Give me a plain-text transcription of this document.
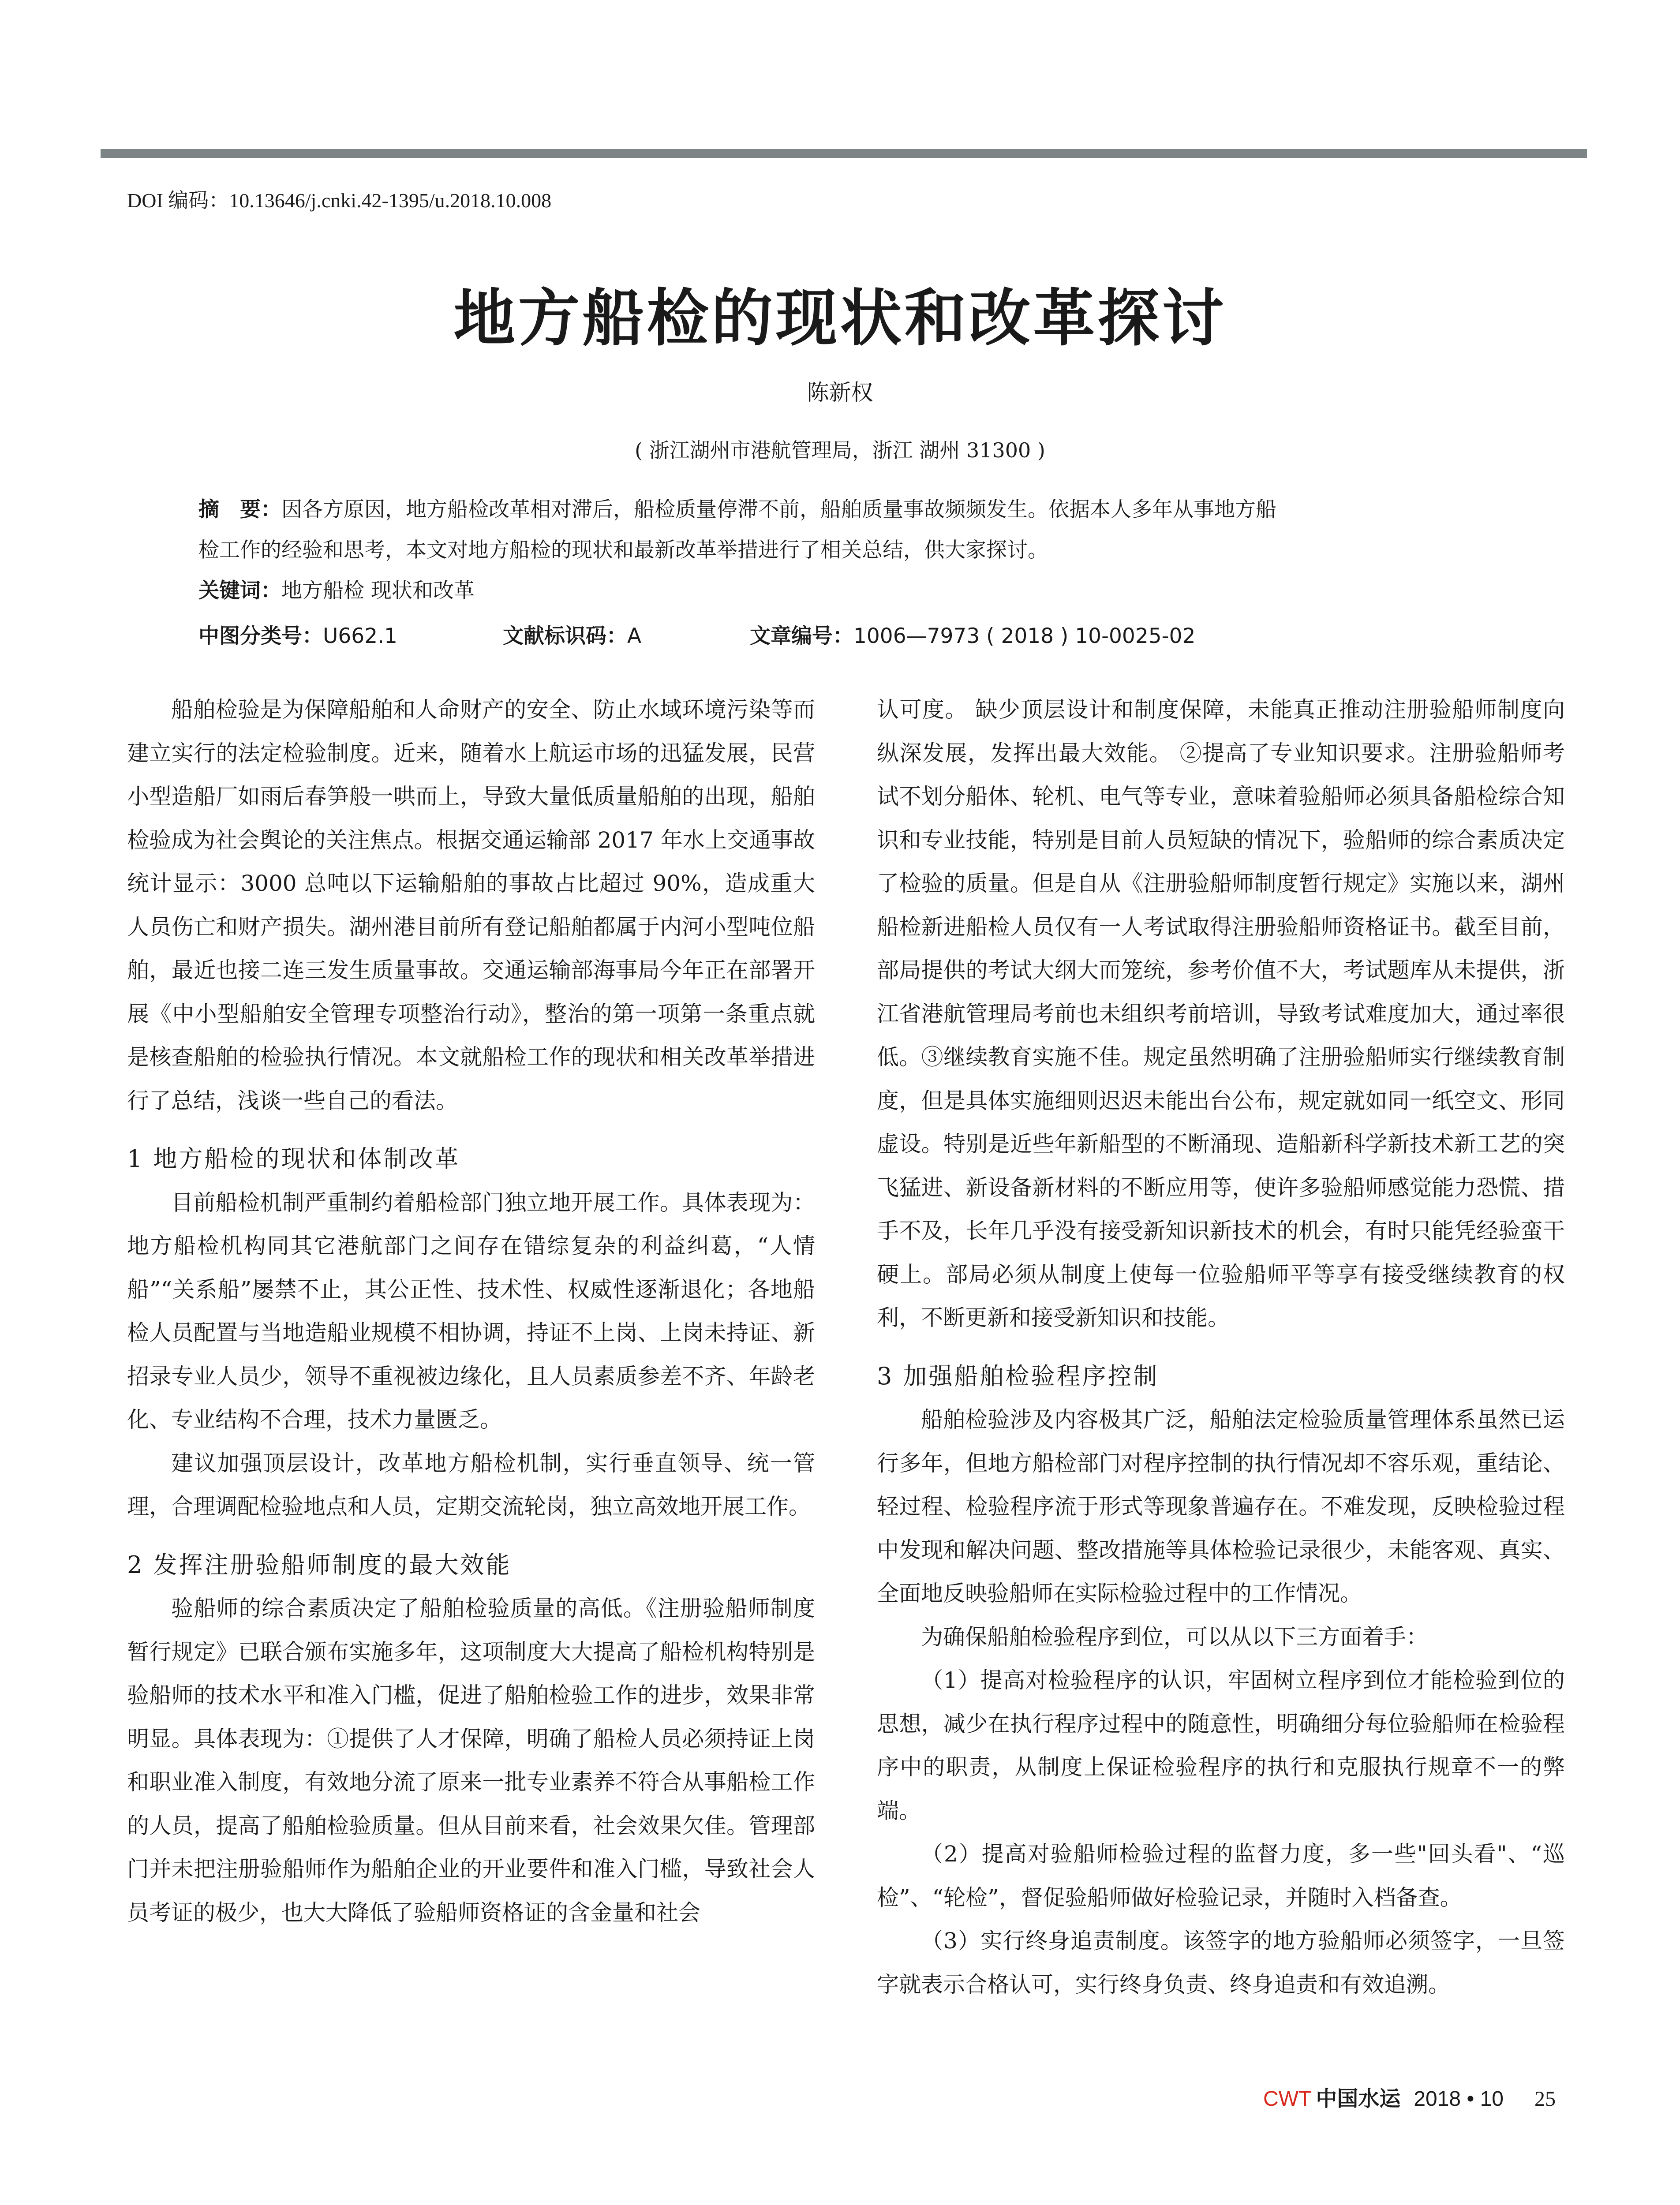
DOI 编码：10.13646/j.cnki.42-1395/u.2018.10.008
地方船检的现状和改革探讨
陈新权
( 浙江湖州市港航管理局，浙江 湖州 31300 )

摘　要：因各方原因，地方船检改革相对滞后，船检质量停滞不前，船舶质量事故频频发生。依据本人多年从事地方船

检工作的经验和思考，本文对地方船检的现状和最新改革举措进行了相关总结，供大家探讨。

关键词：地方船检 现状和改革

中图分类号：U662.1	文献标识码：A	文章编号：1006—7973 ( 2018 ) 10-0025-02

船舶检验是为保障船舶和人命财产的安全、防止水域环境污染等而建立实行的法定检验制度。近来，随着水上航运市场的迅猛发展，民营小型造船厂如雨后春笋般一哄而上，导致大量低质量船舶的出现，船舶检验成为社会舆论的关注焦点。根据交通运输部 2017 年水上交通事故统计显示：3000 总吨以下运输船舶的事故占比超过 90%，造成重大人员伤亡和财产损失。湖州港目前所有登记船舶都属于内河小型吨位船舶，最近也接二连三发生质量事故。交通运输部海事局今年正在部署开展《中小型船舶安全管理专项整治行动》，整治的第一项第一条重点就是核查船舶的检验执行情况。本文就船检工作的现状和相关改革举措进行了总结，浅谈一些自己的看法。

1 地方船检的现状和体制改革

目前船检机制严重制约着船检部门独立地开展工作。具体表现为：地方船检机构同其它港航部门之间存在错综复杂的利益纠葛，“人情船”“关系船”屡禁不止，其公正性、技术性、权威性逐渐退化；各地船检人员配置与当地造船业规模不相协调，持证不上岗、上岗未持证、新招录专业人员少，领导不重视被边缘化，且人员素质参差不齐、年龄老化、专业结构不合理，技术力量匮乏。

建议加强顶层设计，改革地方船检机制，实行垂直领导、统一管理，合理调配检验地点和人员，定期交流轮岗，独立高效地开展工作。

2 发挥注册验船师制度的最大效能

验船师的综合素质决定了船舶检验质量的高低。《注册验船师制度暂行规定》已联合颁布实施多年，这项制度大大提高了船检机构特别是验船师的技术水平和准入门槛，促进了船舶检验工作的进步，效果非常明显。具体表现为：①提供了人才保障，明确了船检人员必须持证上岗和职业准入制度，有效地分流了原来一批专业素养不符合从事船检工作的人员，提高了船舶检验质量。但从目前来看，社会效果欠佳。管理部门并未把注册验船师作为船舶企业的开业要件和准入门槛，导致社会人员考证的极少，也大大降低了验船师资格证的含金量和社会

认可度。 缺少顶层设计和制度保障，未能真正推动注册验船师制度向纵深发展，发挥出最大效能。 ②提高了专业知识要求。注册验船师考试不划分船体、轮机、电气等专业，意味着验船师必须具备船检综合知识和专业技能，特别是目前人员短缺的情况下，验船师的综合素质决定了检验的质量。但是自从《注册验船师制度暂行规定》实施以来，湖州船检新进船检人员仅有一人考试取得注册验船师资格证书。截至目前，部局提供的考试大纲大而笼统，参考价值不大，考试题库从未提供，浙江省港航管理局考前也未组织考前培训，导致考试难度加大，通过率很低。③继续教育实施不佳。规定虽然明确了注册验船师实行继续教育制度，但是具体实施细则迟迟未能出台公布，规定就如同一纸空文、形同虚设。特别是近些年新船型的不断涌现、造船新科学新技术新工艺的突飞猛进、新设备新材料的不断应用等，使许多验船师感觉能力恐慌、措手不及，长年几乎没有接受新知识新技术的机会，有时只能凭经验蛮干硬上。部局必须从制度上使每一位验船师平等享有接受继续教育的权利，不断更新和接受新知识和技能。

3 加强船舶检验程序控制

船舶检验涉及内容极其广泛，船舶法定检验质量管理体系虽然已运行多年，但地方船检部门对程序控制的执行情况却不容乐观，重结论、轻过程、检验程序流于形式等现象普遍存在。不难发现，反映检验过程中发现和解决问题、整改措施等具体检验记录很少，未能客观、真实、全面地反映验船师在实际检验过程中的工作情况。

为确保船舶检验程序到位，可以从以下三方面着手：

（1）提高对检验程序的认识，牢固树立程序到位才能检验到位的思想，减少在执行程序过程中的随意性，明确细分每位验船师在检验程序中的职责，从制度上保证检验程序的执行和克服执行规章不一的弊端。

（2）提高对验船师检验过程的监督力度，多一些"回头看"、“巡检”、“轮检”，督促验船师做好检验记录，并随时入档备查。

（3）实行终身追责制度。该签字的地方验船师必须签字，一旦签字就表示合格认可，实行终身负责、终身追责和有效追溯。

CWT 中国水运 2018 • 10 25
